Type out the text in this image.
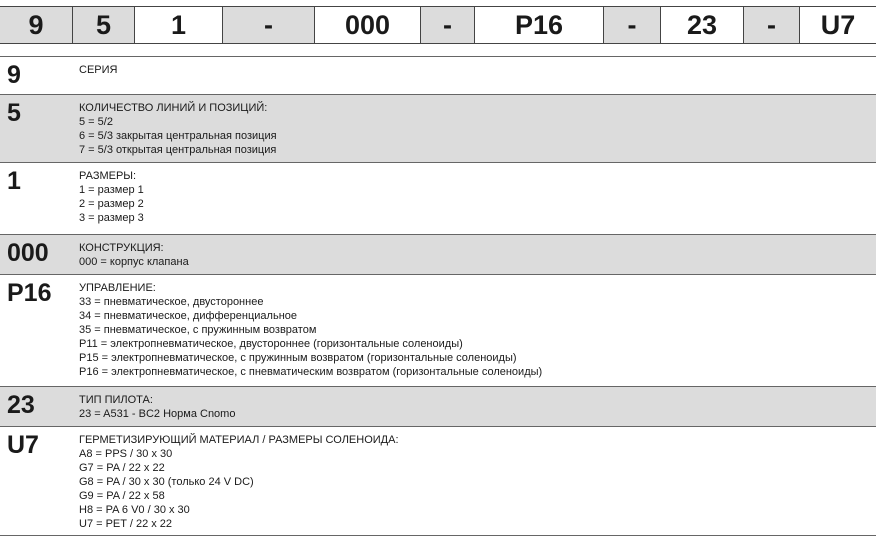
9	5	1	-	000	-	P16	-	23	-	U7
9	СЕРИЯ
5	КОЛИЧЕСТВО ЛИНИЙ И ПОЗИЦИЙ:
5 = 5/2
6 = 5/3 закрытая центральная позиция
7 = 5/3 открытая центральная позиция
1	РАЗМЕРЫ:
1 = размер 1
2 = размер 2
3 = размер 3
000	КОНСТРУКЦИЯ:
000 = корпус клапана
P16	УПРАВЛЕНИЕ:
33 = пневматическое, двустороннее
34 = пневматическое, дифференциальное
35 = пневматическое, с пружинным возвратом
P11 = электропневматическое, двустороннее (горизонтальные соленоиды)
P15 = электропневматическое, с пружинным возвратом (горизонтальные соленоиды)
P16 = электропневматическое, с пневматическим возвратом (горизонтальные соленоиды)
23	ТИП ПИЛОТА:
23 = A531 - BC2 Норма Cnomo
U7	ГЕРМЕТИЗИРУЮЩИЙ МАТЕРИАЛ / РАЗМЕРЫ СОЛЕНОИДА:
A8 = PPS / 30 x 30
G7 = PA / 22 x 22
G8 = PA / 30 x 30 (только 24 V DC)
G9 = PA / 22 x 58
H8 = PA 6 V0 / 30 x 30
U7 = PET / 22 x 22
